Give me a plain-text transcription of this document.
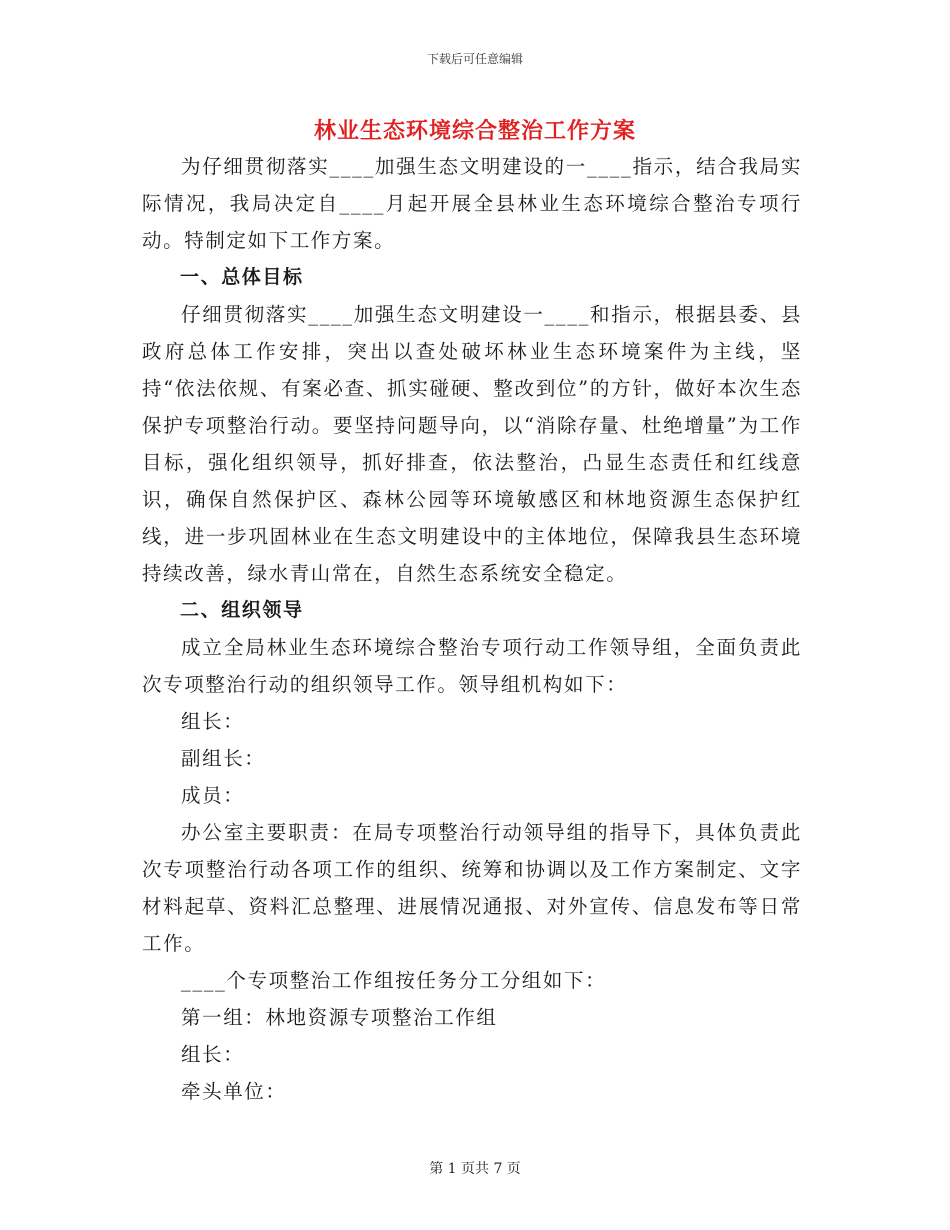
下载后可任意编辑
林业生态环境综合整治工作方案

为仔细贯彻落实____加强生态文明建设的一____指示，结合我局实际情况，我局决定自____月起开展全县林业生态环境综合整治专项行动。特制定如下工作方案。

一、总体目标

仔细贯彻落实____加强生态文明建设一____和指示，根据县委、县政府总体工作安排，突出以查处破坏林业生态环境案件为主线，坚持“依法依规、有案必查、抓实碰硬、整改到位”的方针，做好本次生态保护专项整治行动。要坚持问题导向，以“消除存量、杜绝增量”为工作目标，强化组织领导，抓好排查，依法整治，凸显生态责任和红线意识，确保自然保护区、森林公园等环境敏感区和林地资源生态保护红线，进一步巩固林业在生态文明建设中的主体地位，保障我县生态环境持续改善，绿水青山常在，自然生态系统安全稳定。

二、组织领导

成立全局林业生态环境综合整治专项行动工作领导组，全面负责此次专项整治行动的组织领导工作。领导组机构如下：

组长：

副组长：

成员：

办公室主要职责：在局专项整治行动领导组的指导下，具体负责此次专项整治行动各项工作的组织、统筹和协调以及工作方案制定、文字材料起草、资料汇总整理、进展情况通报、对外宣传、信息发布等日常工作。

____个专项整治工作组按任务分工分组如下：

第一组：林地资源专项整治工作组

组长：

牵头单位：

第 1 页共 7 页
